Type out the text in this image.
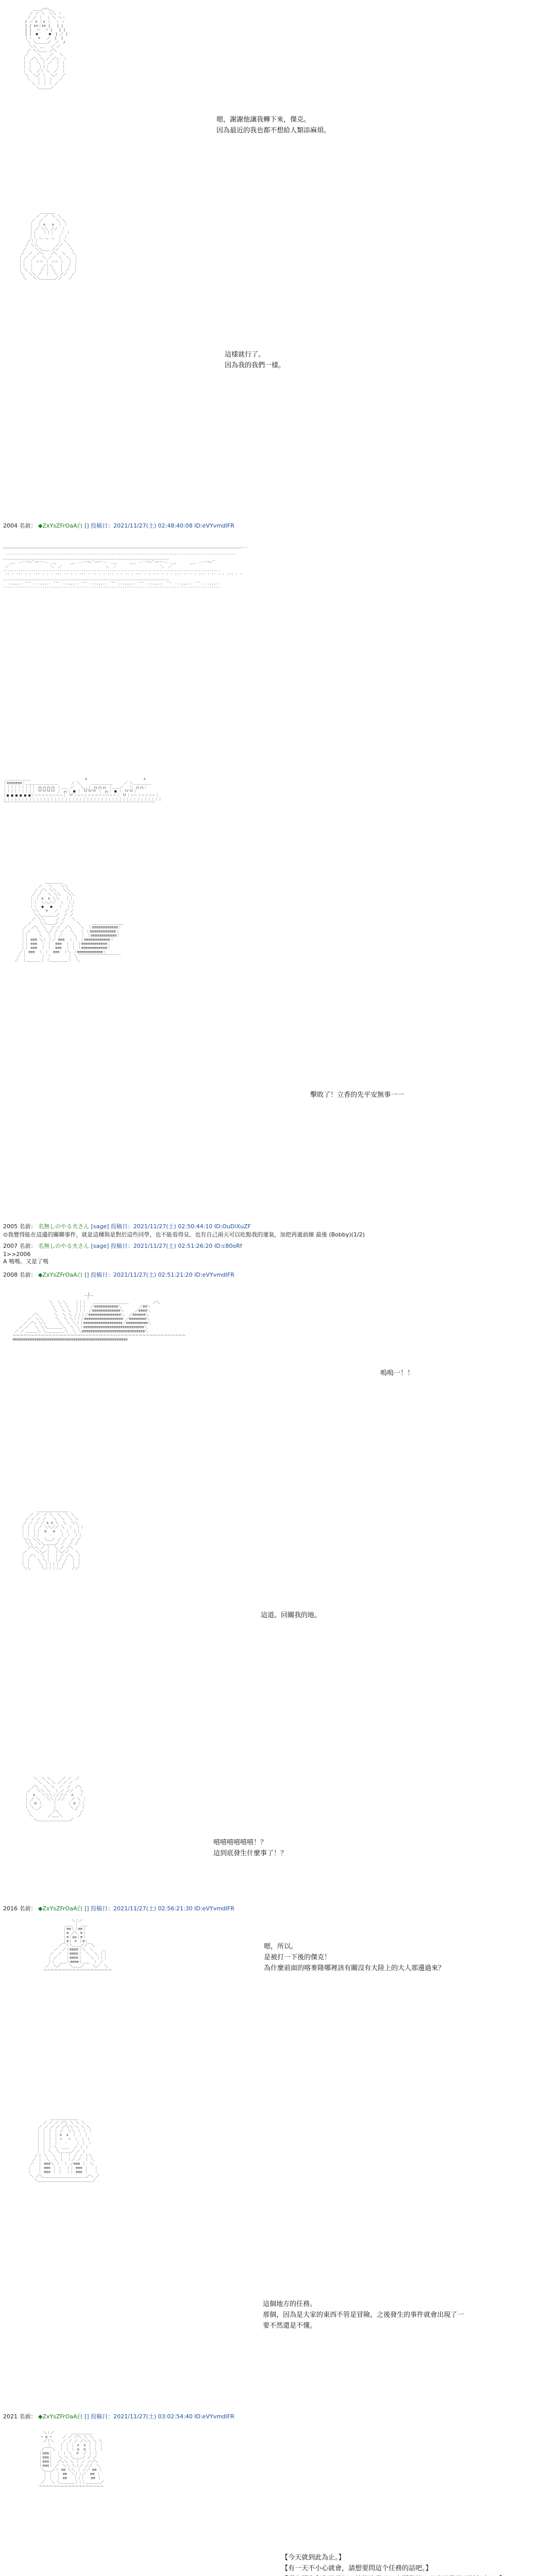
＿＿／⌒＼＿
／ ／ ＼  ＼＼ ヽ
／ ／ ｜  ｜ ＼ ＼ヽ
/ ／ ∧ ｜∧ ｜  ヽ ヽ
| / ∧∧｜∧∧ |   | |
| |　 ⌒   ⌒ |   | |
| |  ●     ●  | ／ |
｜ヽ　 ▽   ／  |  |
＼ ＼＿＿＿／  ／  /
＼＼　＿　　／ ／
／ ＼＼＿＿ ／＼
／    ＼    ／   ＼
｜  ／＼ ＼ ／ ／＼  ｜
｜ ｜  ＼ ｜ ／  ｜ ｜
｜ ｜   ｜｜｜   ｜ ｜
｜ ＼  ／｜ ＼  ／  ｜
＼  ＼／ ｜  ＼／  ／
＼   ｜ ｜ ｜   ／
＼ ｜ ｜ ｜ ／
＼＿＿＿／

嗯，謝謝他讓我轉下來，傑克。
因為最近的我也都不想給人類添麻煩。

＿＿＿＿
／  ／  ＼ ＼
／  ／      ＼ ＼
｜  ｜ ∧   ∧  ｜ ｜
｜ ／ ＼＼ ／／  ｜
｜｜   ｜｜｜   ｜ ｜
｜｜ ＿ ＿ ＿  ｜ ｜
／｜｜ ｀ ｀ ｀ ｜ ＼
／ ＼＼        ／／  ＼
／    ＼＼＿＿ ／／     ＼
／  ／  ／＼   ／＼  ＼   ＼
｜ ／  ／   ＼ ／   ＼  ＼  ｜
｜｜  ｜ ＝＝ ｜ ＝＝ ｜  ｜ ｜
｜｜  ｜    ／｜＼   ｜  ｜ ｜
｜ ＼ ｜   ／ ｜ ＼  ｜ ／  ｜
＼  ＼＼ ／  ｜  ＼ ／／  ／
＼   ＼＼＿＿＿＿／／   ／

這樣就行了。
因為我的我們一樣。
2004 名前： ◆ZxYsZFrOaA白 [] 投稿日：2021/11/27(土) 02:48:40:08 ID:eVYvmdlFR

＿＿＿＿＿＿＿＿＿＿＿＿＿＿＿＿＿＿＿＿＿＿＿＿＿＿＿＿＿＿＿＿＿＿＿＿＿＿＿＿＿＿＿＿＿＿＿＿＿＿＿＿＿＿＿＿＿＿＿＿＿＿＿＿＿＿＿＿
￣￣￣￣￣￣￣￣￣￣￣￣￣￣￣￣￣￣￣￣￣￣￣￣￣￣￣￣￣￣￣￣￣￣￣￣￣￣￣￣￣￣￣￣￣￣￣￣￣￣￣￣￣￣￣￣￣￣￣￣￣￣￣￣￣￣
‐‐‐‐‐‐‐‐‐‐‐‐‐‐‐‐‐‐‐‐‐‐‐‐‐‐‐‐‐‐‐‐‐‐‐‐‐‐‐‐‐‐‐‐‐‐‐‐‐‐‐‐‐‐‐‐‐‐‐‐‐‐‐‐‐‐‐‐‐‐‐‐‐‐‐‐‐‐‐‐‐‐‐‐‐‐‐‐‐‐‐‐‐‐‐‐‐‐‐‐‐‐‐‐‐‐
‥‥‥‥‥‥‥‥‥‥‥‥‥‥‥‥‥‥‥‥‥‥‥‥‥‥‥‥‥‥‥‥‥‥‥‥‥‥‥‥‥‥‥‥‥‥‥‥‥‥‥‥‥‥‥‥‥‥‥‥‥‥‥‥‥‥‥‥‥
,,. -‐''"~￣~"''‐- .,,      ,,. -‐''"~￣~"''‐- .,,      ,,. -‐''"~￣~"''‐- .,,      ,,. -‐''"~￣
／                   ＼  ／                    ＼  ／                    ＼  ／
‐‐‐‐‐‐‐‐‐‐‐‐‐‐‐‐‐‐‐‐‐‐‐‐‐‐‐‐‐‐‐‐‐‐‐‐‐‐‐‐‐‐‐‐‐‐‐‐‐‐‐‐‐‐‐‐‐‐‐‐‐‐‐‐‐‐‐‐‐‐‐‐‐‐‐‐‐‐‐‐‐‐‐‐‐‐‐‐‐‐‐‐‐‐‐‐‐‐‐‐
'' ' ''' ' ' ''' ' ' ' ''' '' ' ' ''' ' '' ' ' ''' ' ' '' ' ''' ' ' ''' ' ' ' ''' '' ' ' ''' ' '' ' ' ''' ' '
‥‥‥‥‥‥‥‥‥‥‥‥‥‥‥‥‥‥‥‥‥‥‥‥‥‥‥‥‥‥‥‥‥‥‥‥‥‥‥‥‥‥‥‥‥‥‥‥‥‥‥‥‥‥‥‥‥‥‥‥‥‥‥‥‥‥‥‥‥
..,,,.. ''' ...,,,.. ''' ...,,,.. ''' ...,,,.. ''' ...,,,.. ''' ...,,,.. ''' ...,,,.. ''' ...,,,..
‐‐‐‐‐‐‐‐‐‐‐‐‐‐‐‐‐‐‐‐‐‐‐‐‐‐‐‐‐‐‐‐‐‐‐‐‐‐‐‐‐‐‐‐‐‐‐‐‐‐‐‐‐‐‐‐‐‐‐‐‐‐‐‐‐‐‐‐‐‐‐‐‐‐‐‐‐‐‐‐‐‐‐‐‐‐‐‐‐‐‐‐‐‐‐‐‐‐‐‐

＿＿＿＿＿＿＿                         ∧                          ∧
｜≡≡≡≡≡≡≡｜＿＿＿＿＿＿＿＿＿      ／ ＼     ＿＿＿＿＿＿     ／ ＼＿＿＿＿＿
｜｜｜｜｜｜｜｜｜ ┌┐┌┐┌┐┌┐ ｜＿＿ ／   ＼＿｜ ┌┐┌┐┌┐ ｜＿＿／   ＼ ┌┐┌┐｜
｜｜｜｜｜｜｜｜｜ └┘└┘└┘└┘ ｜ ┌┐｜ ■ ｜ └┘└┘└┘ ｜ ┌┐｜ ■ ｜ └┘└┘｜
｜■ ■ ■ ■ ■ ■｜＝＝＝＝＝＝＝＝｜ └┘｜＝＝｜＝＝＝＝＝＝＝＝｜ └┘｜＝＝｜＝＝＝＝｜
｜｜｜｜｜｜｜｜｜｜｜｜｜｜｜｜｜｜｜｜｜｜｜｜｜｜｜｜｜｜｜｜｜｜｜｜｜｜｜｜｜｜｜｜
￣￣￣￣￣￣￣￣￣￣￣￣￣￣￣￣￣￣￣￣￣￣￣￣￣￣￣￣￣￣￣￣￣￣￣￣￣￣￣￣￣￣

＿＿＿＿＿
／   ＼    ＼＼
／ ／＼ ＼＼   ＼＼
／ ／   ＼ ＼＼   ＼＼
｜ ｜ ∧  ∧ ＼＼   ｜｜
｜｜  ＼＼／／  ｜  ｜｜
｜｜  ●   ●   ｜  ｜｜
＼＼   ▽   ／   ／ ／
＼＼＿＿＿＿／  ／ ／
／ ＼＼     ／ ／   ＼
／    ＼＼＿＿／ ／      ＼     ＿＿＿＿＿＿＿＿＿
／  ／＼  ＼  ／ ／  ／＼    ＼  ｜≡≡≡≡≡≡≡≡≡≡≡≡｜
｜ ／   ＼  ＼／ ／ ／   ＼   ｜ ｜≡≡≡≡≡≡≡≡≡≡≡≡｜
｜｜     ＼  ｜ ｜ ／     ＼  ｜ ｜≡≡≡≡≡≡≡≡≡≡≡≡｜
｜｜ ≡≡≡ ＼｜ ｜／ ≡≡≡  ｜ ｜ ｜≡≡≡≡≡≡≡≡≡≡≡≡｜
｜｜ ≡≡≡  ｜ ｜  ≡≡≡  ｜ ｜ ｜≡≡≡≡≡≡≡≡≡≡≡≡｜
｜｜ ≡≡≡  ｜ ｜  ≡≡≡  ｜ ｜ ｜≡≡≡≡≡≡≡≡≡≡≡≡｜
／｜ ≡≡≡  ｜ ｜  ≡≡≡  ｜＼ ｜≡≡≡≡≡≡≡≡≡≡≡≡｜
／ ｜       ｜ ｜        ｜ ＼￣￣￣￣￣￣￣￣￣￣￣￣
／  ｜＿＿＿＿｜ ｜＿＿＿＿＿｜  ＼

擊敗了！立香的先平安無事一一
2005 名前： 名無しのやる夫さん [sage] 投稿日：2021/11/27(土) 02:50:44:10 ID:OuDiXuZF
⊙我覺得能在這邊的關聯事件，就是這種與是對於這些同學，也不能看得見、也有自己兩天可以吃點我的運氣，加把再遞前線 最後 (Bobby)(1/2)
2007 名前： 名無しのやる夫さん [sage] 投稿日：2021/11/27(土) 02:51:26:20 ID:c80oRf
1>>2006
A 嗎嗎。又是了嗎
2008 名前： ◆ZxYsZFrOaA白 [] 投稿日：2021/11/27(土) 02:51:21:20 ID:eVYvmdlFR

＿|＿
｜
＼  ＼ ＼    ｜｜｜   ＿＿＿＿＿＿＿＿＿＿           ／＼
＼  ＼ ＼   ｜｜｜  ／≡≡≡≡≡≡≡≡≡≡≡＼        ／≡≡＼
＼  ＼ ＼  ｜｜｜ ／≡≡≡≡≡≡≡≡≡≡≡≡≡＼     ／≡≡≡≡＼
／＼       ＼  ＼ ＼ ｜｜｜／≡≡≡≡≡≡≡≡≡≡≡≡≡≡≡＼  ／≡≡≡≡≡≡＼
／  ＼＼      ＼  ＼ ＼｜｜｜≡≡≡≡≡≡≡≡≡≡≡≡≡≡≡≡≡≡ ／≡≡≡≡≡≡≡≡＼
／ ／＼ ＼＼      ＼  ＼ ＼｜｜≡≡≡≡≡≡≡≡≡≡≡≡≡≡≡≡≡≡／≡≡≡≡≡≡≡≡≡≡＼
／ ／   ＼ ＼＼＿＿＿＿＼  ＼ ＼｜≡≡≡≡≡≡≡≡≡≡≡≡≡≡≡≡≡≡≡≡≡≡≡≡≡≡≡≡＼
／ ／ ＿＿＿＼ ＼＿＿＿＿＿＼  ＼ ＼≡≡≡≡≡≡≡≡≡≡≡≡≡≡≡≡≡≡≡≡≡≡≡≡≡≡≡≡≡＼
～～～～～～～～～～～～～～～～～～～～～～～～～～～～～～～～～～～～～～～～～～～～～～～～
≡≡≡≡≡≡≡≡≡≡≡≡≡≡≡≡≡≡≡≡≡≡≡≡≡≡≡≡≡≡≡≡≡≡≡≡≡≡≡≡≡≡≡≡≡≡≡≡≡≡≡≡≡

嗚嗚一！！

＿＿＿＿＿＿＿＿＿
／ ／  ／ ＼  ＼  ＼ ＼
／ ／ ／ ／   ＼  ＼  ＼ ＼
／ ／ ／ ／ ∧ ∧ ＼  ＼  ＼＼
｜ ｜ ｜ ／ ＼＼／／ ＼  ｜  ｜｜
｜ ｜ ｜｜  ◎   ◎  ｜ ｜  ｜｜
｜ ｜ ｜｜    ‥    ｜ ｜  ｜｜
＼＼ ＼＼  ＼＿／ ／ ／  ／ ／
＼＼  ＼＼＿＿＿／ ／  ／ ／
／＼＼ ／ ｜  ＼ ／ ／＼
／    ＼＼／｜  ｜＼／／   ＼
｜  ／＼  ＼ ｜  ｜ ／ ／＼  ｜
｜ ｜   ＼ ＼｜  ｜／ ／  ｜ ｜
｜ ｜    ＼ ｜｜｜｜ ／   ｜ ｜
＼＼     ＼｜｜｜｜／    ／／

這道。回關我的地。

＼  ＼ ＼     ／ ／  ／
＼  ＼ ＼ ／ ／ ／
／＼  ＼  ＼  ／  ／  ／＼
／   ＼＼ ＼  ｜ ／ ／／   ＼
｜  ∧   ＼＼＼｜／／／  ∧   ｜
｜ ／ ＼   ＼＼｜／／   ／ ＼ ｜
｜｜ ◎ ｜     ｜     ｜ ◎ ｜｜
｜ ＼  ／     ｜      ＼ ／ ｜
＼  ￣      ／＼       ￣ ／
＼       ／＿＿＼       ／
＼＿＿＿＿＿＿＿＿＿／

嘻嘻嘻嘻嘻嘻！？
這到底發生什麼事了！？
2016 名前： ◆ZxYsZFrOaA白 [] 投稿日：2021/11/27(土) 02:56:21:30 ID:eVYvmdlFR

＼｜／
＿＿ ｜ ＿＿
｜≡≡｜｜≡≡｜
｜≡ ／＼ ≡｜
｜≡｜◎◎｜≡｜
｜≡｜ ▽ ｜≡｜
／￣＼＼＿＿／／￣＼
／  ／｜≡≡≡≡｜＼  ＼    ＿
／  ／  ｜≡≡≡≡｜  ＼  ＼ ｜｜
｜ ／    ｜≡≡≡≡｜    ＼ ｜｜｜
｜｜  ＿＿｜≡≡≡≡｜＿＿  ｜ ／
／  ＼／    ＼＿＿／    ＼／  ＼
～～～～～～～～～～～～～～～～～～～

嗯，所以。
是被打一下後的傑克！
為什麼前面的喀麥隆哪裡該有關沒有大陸上的大人那邊過來？

＿＿＿＿＿＿＿＿
／ ／ ／ ／＼ ＼ ＼ ＼
／ ／ ／ ／ ／＼＼ ＼ ＼ ＼
｜ ｜ ｜ ｜ ／  ＼＼ ｜ ｜ ｜
｜ ｜ ｜ ｜ ∧  ∧  ｜ ｜ ｜
｜ ｜ ｜ ｜ ─   ─  ｜ ｜ ｜
｜ ｜ ｜ ｜   ‥    ｜ ｜ ｜
｜ ｜ ｜ ＼  ＿＿  ／ ｜ ｜
｜ ｜ ＼  ＼＿＿＿／ ／ ｜
／｜ ＼  ＼  ｜  ｜ ／ ／ ｜＼
／ ｜  ＼  ＼ ｜  ｜／ ／  ｜ ＼
／  ｜ ≡≡≡＼ ｜  ｜ ／≡≡≡ ｜  ＼
｜   ｜ ≡≡≡ ｜ ｜  ｜｜ ≡≡≡ ｜   ｜
｜   ｜ ≡≡≡ ｜ ｜  ｜｜ ≡≡≡ ｜   ｜
＼ ／＼＿＿＿＿＿＿＿＿＿＿＿＿／＼ ／
＼＿＿＿＿＿＿＿＿＿＿＿＿＿＿＿／

這個地方的任務。
那個，因為是大家的東西不管是冒險，之後發生的事件就會出現了一
要不然還是不懂。
2021 名前： ◆ZxYsZFrOaA白 [] 投稿日：2021/11/27(土) 03:02:54:40 ID:eVYvmdlFR

＼｜／        ＿＿＿＿＿＿
─ ◎ ─     ／ ／ ／＼ ＼ ＼
／｜＼    ／ ／ ／ ／＼＼ ＼ ＼
｜    ｜ ｜ ｜ ∧  ∧ ｜ ｜ ｜
／￣￣＼  ｜ ｜ ｜ ◎  ◎ ｜ ｜ ｜
｜≡≡≡｜  ｜ ｜ ＼  ▽  ／ ｜ ｜
｜≡≡≡｜   ＼ ＼ ＼＿＿／ ／ ／
｜≡≡≡｜  ／＼＼ ＼ ｜ ／ ／／＼
｜≡≡≡｜ ／  ＼＼ ＼｜／ ／／  ＼
＼＿＿／｜ ≡≡ ＼＼ ｜ ／／ ≡≡ ｜
｜ ｜  ｜ ≡≡  ＼｜｜／  ≡≡ ｜
｜ ｜  ｜ ≡≡   ｜｜｜   ≡≡ ｜
／   ＼ ＼＿＿＿＿｜｜｜＿＿＿＿／
～～～～～～～～～～～～～～～～～～

【今天就到此為止。】
【有一天不小心就會，請想要問這个任務的話吧。】
